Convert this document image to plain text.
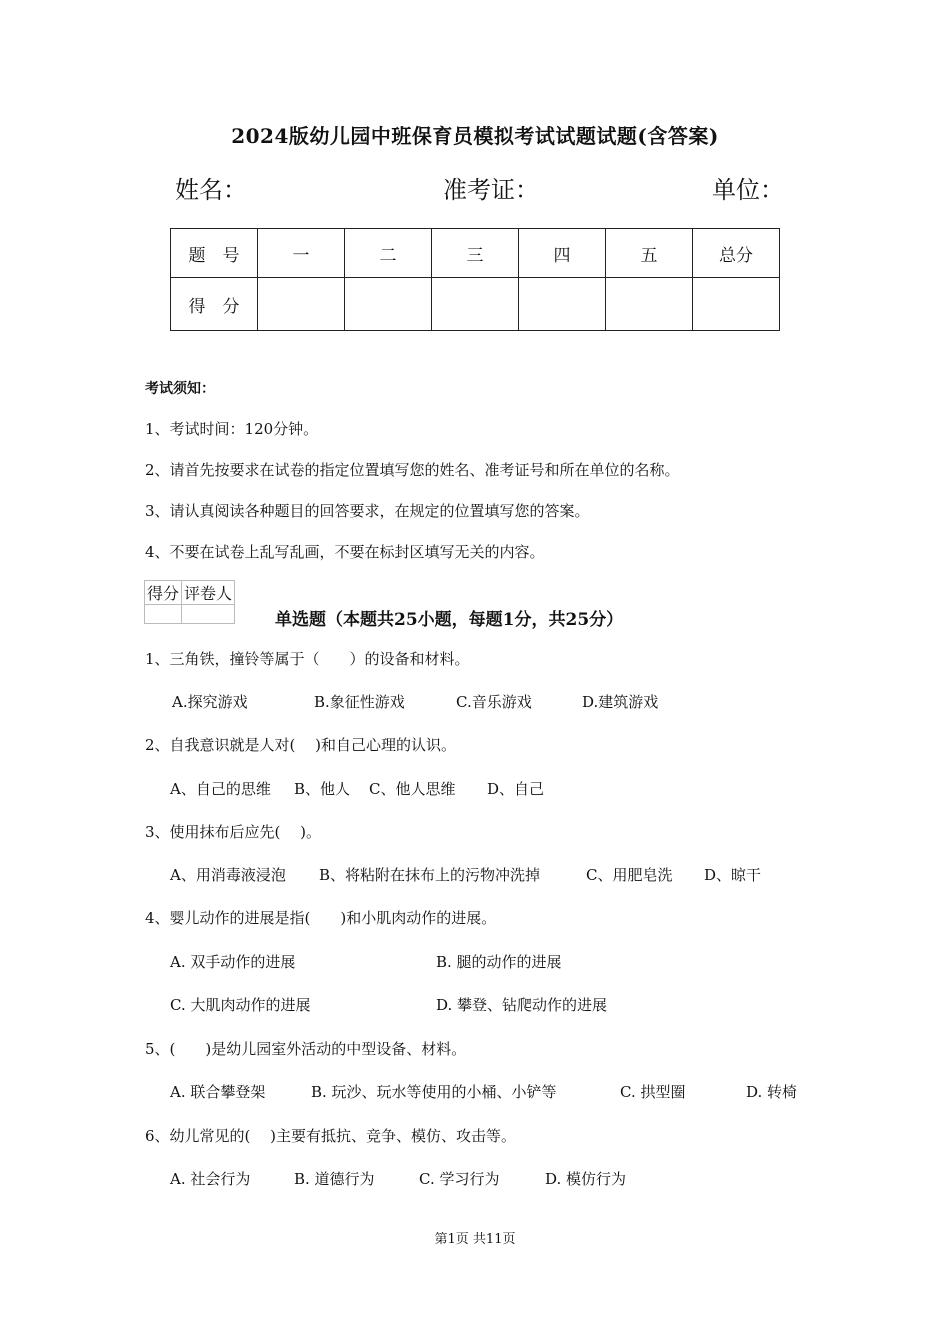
2024版幼儿园中班保育员模拟考试试题试题(含答案)
姓名：	准考证：	单位：
题　号	一	二	三	四	五	总分
得　分						
考试须知：
1、考试时间：120分钟。
2、请首先按要求在试卷的指定位置填写您的姓名、准考证号和所在单位的名称。
3、请认真阅读各种题目的回答要求，在规定的位置填写您的答案。
4、不要在试卷上乱写乱画，不要在标封区填写无关的内容。
得分	评卷人

单选题（本题共25小题，每题1分，共25分）
1、三角铁，撞铃等属于（　　）的设备和材料。
A.探究游戏	B.象征性游戏	C.音乐游戏	D.建筑游戏
2、自我意识就是人对(　 )和自己心理的认识。
A、自己的思维 B、他人 C、他人思维 D、自己
3、使用抹布后应先(　 )。
A、用消毒液浸泡 B、将粘附在抹布上的污物冲洗掉	C、用肥皂洗 D、晾干
4、婴儿动作的进展是指(　　)和小肌肉动作的进展。
A. 双手动作的进展	B. 腿的动作的进展
C. 大肌肉动作的进展	D. 攀登、钻爬动作的进展
5、(　　)是幼儿园室外活动的中型设备、材料。
A. 联合攀登架	B. 玩沙、玩水等使用的小桶、小铲等	C. 拱型圈	D. 转椅
6、幼儿常见的(　 )主要有抵抗、竞争、模仿、攻击等。
A. 社会行为	B. 道德行为	C. 学习行为	D. 模仿行为
第1页 共11页
